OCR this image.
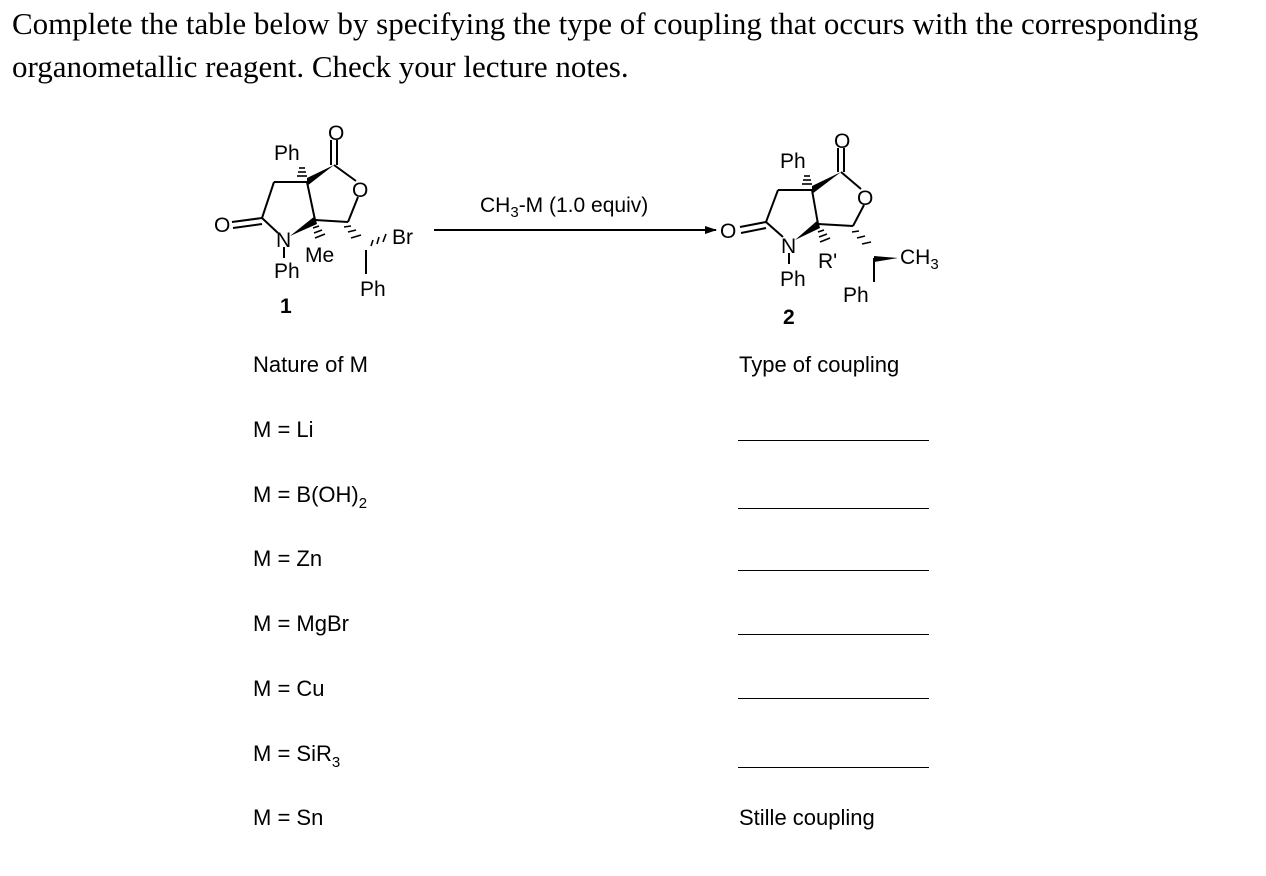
Complete the table below by specifying the type of coupling that occurs with the corresponding organometallic reagent. Check your lecture notes.

Ph
O
O
O
N
Ph
Me
Br
Ph
1
$CH_3-M$ (1.0 equiv)
Ph
O
O
O
N
Ph
R'	$CH_3$
Ph
2
Nature of M	Type of coupling
M = Li
$M = B(OH)_2$
M = Zn
M = MgBr
M = Cu
M = SiR$_3$
M = Sn	Stille coupling
